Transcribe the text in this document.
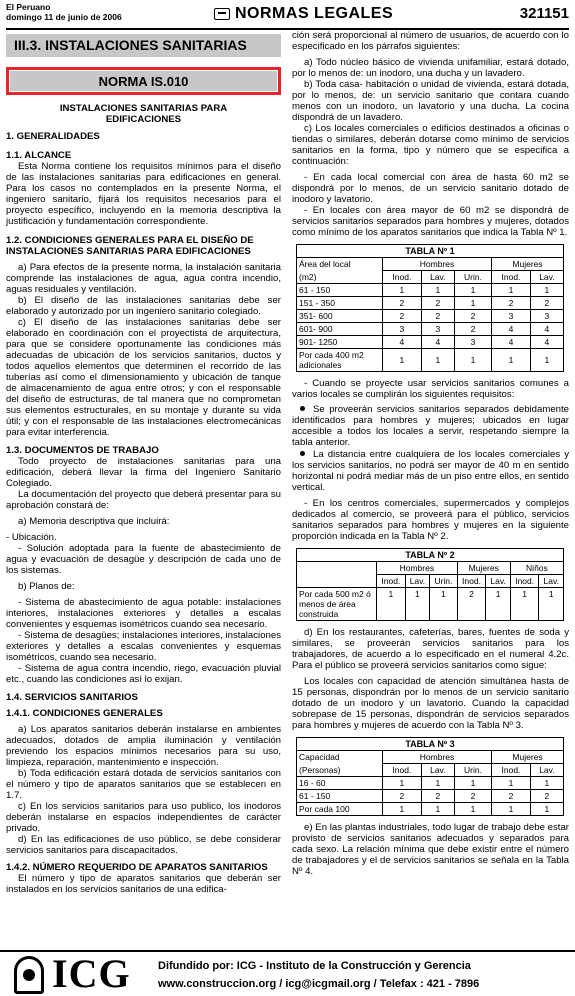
El Peruano
domingo 11 de junio de 2006	NORMAS LEGALES	321151
III.3. INSTALACIONES SANITARIAS
NORMA IS.010
INSTALACIONES SANITARIAS PARA EDIFICACIONES
1. GENERALIDADES
1.1. ALCANCE

Esta Norma contiene los requisitos mínimos para el diseño de las instalaciones sanitarias para edificaciones en general. Para los casos no contemplados en la presente Norma, el ingeniero sanitario, fijará los requisitos necesarios para el proyecto específico, incluyendo en la memoria descriptiva la justificación y fundamentación correspondiente.

1.2. CONDICIONES GENERALES PARA EL DISEÑO DE INSTALACIONES SANITARIAS PARA EDIFICACIONES

a) Para efectos de la presente norma, la instalación sanitaria comprende las instalaciones de agua, agua contra incendio, aguas residuales y ventilación.

b) El diseño de las instalaciones sanitarias debe ser elaborado y autorizado por un ingeniero sanitario colegiado.

c) El diseño de las instalaciones sanitarias debe ser elaborado en coordinación con el proyectista de arquitectura, para que se considere oportunamente las condiciones más adecuadas de ubicación de los servicios sanitarios, ductos y todos aquellos elementos que determinen el recorrido de las tuberías así como el dimensionamiento y ubicación de tanque de almacenamiento de agua entre otros; y con el responsable del diseño de estructuras, de tal manera que no comprometan sus elementos estructurales, en su montaje y durante su vida útil; y con el responsable de las instalaciones electromecánicas para evitar interferencia.

1.3. DOCUMENTOS DE TRABAJO

Todo proyecto de instalaciones sanitarias para una edificación, deberá llevar la firma del Ingeniero Sanitario Colegiado.

La documentación del proyecto que deberá presentar para su aprobación constará de:

a) Memoria descriptiva que incluirá:

- Ubicación.

- Solución adoptada para la fuente de abastecimiento de agua y evacuación de desagüe y descripción de cada uno de los sistemas.

b) Planos de:

- Sistema de abastecimiento de agua potable: instalaciones interiores, instalaciones exteriores y detalles a escalas convenientes y esquemas isométricos cuando sea necesario.

- Sistema de desagües; instalaciones interiores, instalaciones exteriores y detalles a escalas convenientes y esquemas isométricos, cuando sea necesario.

- Sistema de agua contra incendio, riego, evacuación pluvial etc., cuando las condiciones así lo exijan.

1.4. SERVICIOS SANITARIOS
1.4.1. CONDICIONES GENERALES

a) Los aparatos sanitarios deberán instalarse en ambientes adecuados, dotados de amplia iluminación y ventilación previendo los espacios mínimos necesarios para su uso, limpieza, reparación, mantenimiento e inspección.

b) Toda edificación estará dotada de servicios sanitarios con el número y tipo de aparatos sanitarios que se establecen en 1.7.

c) En los servicios sanitarios para uso publico, los inodoros deberán instalarse en espacios independientes de carácter privado.

d) En las edificaciones de uso público, se debe considerar servicios sanitarios para discapacitados.

1.4.2. NÚMERO REQUERIDO DE APARATOS SANITARIOS

El número y tipo de aparatos sanitarios que deberán ser instalados en los servicios sanitarios de una edifica-

ción será proporcional al número de usuarios, de acuerdo con lo especificado en los párrafos siguientes:

a) Todo núcleo básico de vivienda unifamiliar, estará dotado, por lo menos de: un inodoro, una ducha y un lavadero.

b) Toda casa- habitación o unidad de vivienda, estará dotada, por lo menos, de: un servicio sanitario que contara cuando menos con un inodoro, un lavatorio y una ducha. La cocina dispondrá de un lavadero.

c) Los locales comerciales o edificios destinados a oficinas o tiendas o similares, deberán dotarse como mínimo de servicios sanitarios en la forma, tipo y número que se especifica a continuación:

- En cada local comercial con área de hasta 60 m2 se dispondrá por lo menos, de un servicio sanitario dotado de inodoro y lavatorio.

- En locales con área mayor de 60 m2 se dispondrá de servicios sanitarios separados para hombres y mujeres, dotados como mínimo de los aparatos sanitarios que indica la Tabla Nº 1.

TABLA Nº 1					
Área del local	Hombres			Mujeres	
(m2)	Inod.	Lav.	Urin.	Inod.	Lav.
61 - 150	1	1	1	1	1
151 - 350	2	2	1	2	2
351- 600	2	2	2	3	3
601- 900	3	3	2	4	4
901- 1250	4	4	3	4	4
Por cada 400 m2 adicionales	1	1	1	1	1

- Cuando se proyecte usar servicios sanitarios comunes a varios locales se cumplirán los siguientes requisitos:

Se proveerán servicios sanitarios separados debidamente identificados para hombres y mujeres; ubicados en lugar accesible a todos los locales a servir, respetando siempre la tabla anterior.
La distancia entre cualquiera de los locales comerciales y los servicios sanitarios, no podrá ser mayor de 40 m en sentido horizontal ni podrá mediar más de un piso entre ellos, en sentido vertical.

- En los centros comerciales, supermercados y complejos dedicados al comercio, se proveerá para el público, servicios sanitarios separados para hombres y mujeres en la siguiente proporción indicada en la Tabla Nº 2.

TABLA Nº 2							
	Hombres			Mujeres		Niños	
	Inod.	Lav.	Urin.	Inod.	Lav.	Inod.	Lav.
Por cada 500 m2 ó menos de área construida	1	1	1	2	1	1	1

d) En los restaurantes, cafeterías, bares, fuentes de soda y similares, se proveerán servicios sanitarios para los trabajadores, de acuerdo a lo especificado en el numeral 4.2c. Para el público se proveerá servicios sanitarios como sigue:

Los locales con capacidad de atención simultánea hasta de 15 personas, dispondrán por lo menos de un servicio sanitario dotado de un inodoro y un lavatorio. Cuando la capacidad sobrepase de 15 personas, dispondrán de servicios separados para hombres y mujeres de acuerdo con la Tabla Nº 3.

TABLA Nº 3					
Capacidad	Hombres			Mujeres	
(Personas)	Inod.	Lav.	Urin.	Inod.	Lav.
16 - 60	1	1	1	1	1
61 - 150	2	2	2	2	2
Por cada 100	1	1	1	1	1

e) En las plantas industriales, todo lugar de trabajo debe estar provisto de servicios sanitarios adecuados y separados para cada sexo. La relación mínima que debe existir entre el número de trabajadores y el de servicios sanitarios se señala en la Tabla Nº 4.

ICG Difundido por: ICG - Instituto de la Construcción y Gerencia
www.construccion.org / icg@icgmail.org / Telefax : 421 - 7896
